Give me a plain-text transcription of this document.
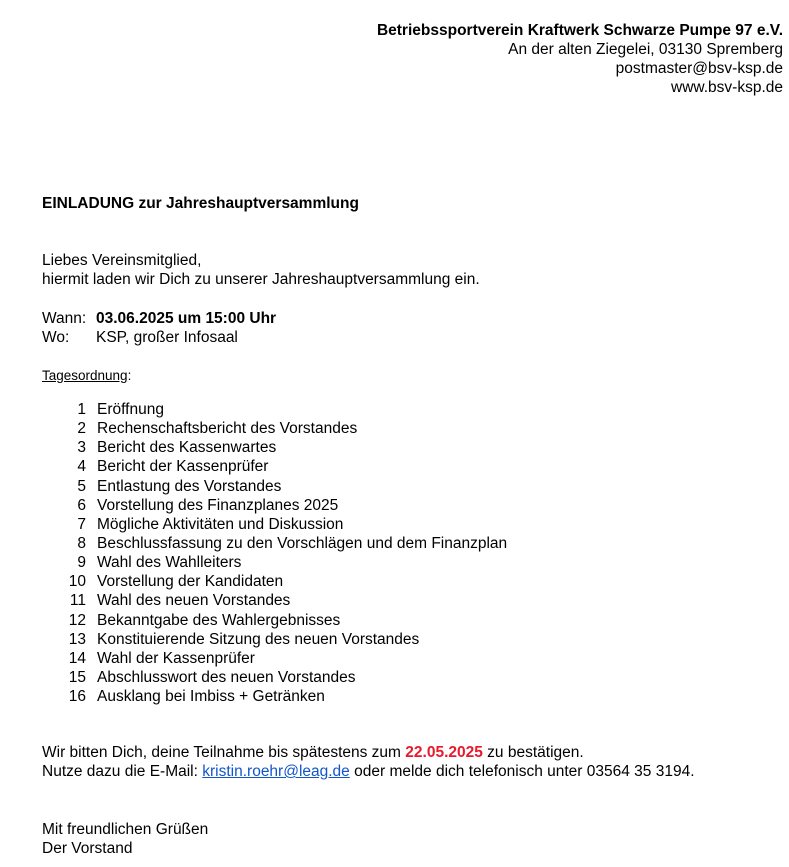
Betriebssportverein Kraftwerk Schwarze Pumpe 97 e.V.
An der alten Ziegelei, 03130 Spremberg
postmaster@bsv-ksp.de
www.bsv-ksp.de
EINLADUNG zur Jahreshauptversammlung
Liebes Vereinsmitglied,
hiermit laden wir Dich zu unserer Jahreshauptversammlung ein.
Wann: 03.06.2025 um 15:00 Uhr
Wo:	KSP, großer Infosaal
Tagesordnung:
1 Eröffnung
2 Rechenschaftsbericht des Vorstandes
3 Bericht des Kassenwartes
4 Bericht der Kassenprüfer
5 Entlastung des Vorstandes
6 Vorstellung des Finanzplanes 2025
7 Mögliche Aktivitäten und Diskussion
8 Beschlussfassung zu den Vorschlägen und dem Finanzplan
9 Wahl des Wahlleiters
10 Vorstellung der Kandidaten
11 Wahl des neuen Vorstandes
12 Bekanntgabe des Wahlergebnisses
13 Konstituierende Sitzung des neuen Vorstandes
14 Wahl der Kassenprüfer
15 Abschlusswort des neuen Vorstandes
16 Ausklang bei Imbiss + Getränken
Wir bitten Dich, deine Teilnahme bis spätestens zum 22.05.2025 zu bestätigen.
Nutze dazu die E-Mail: kristin.roehr@leag.de oder melde dich telefonisch unter 03564 35 3194.
Mit freundlichen Grüßen
Der Vorstand
